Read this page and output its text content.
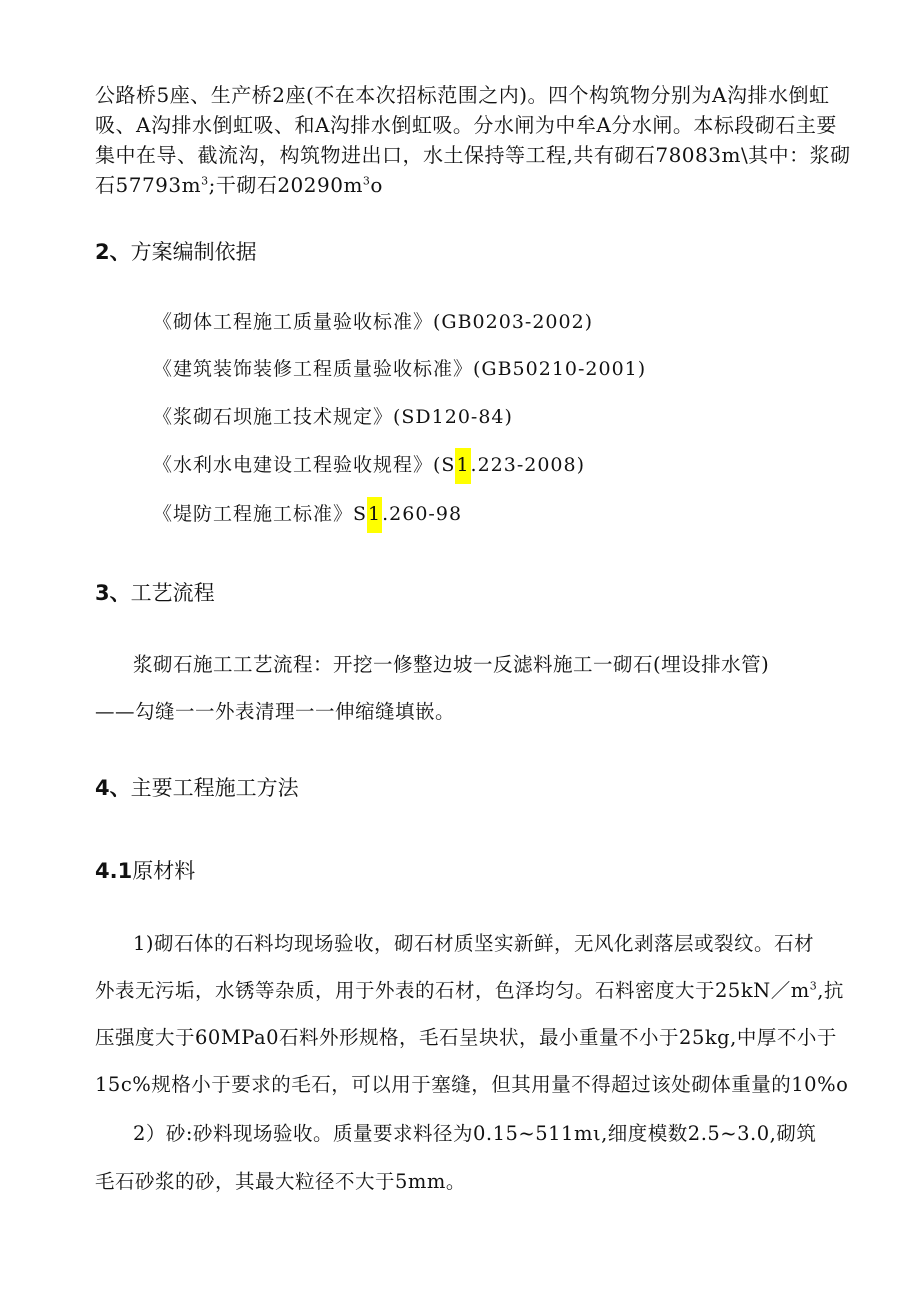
公路桥5座、生产桥2座(不在本次招标范围之内)。四个构筑物分别为A沟排水倒虹
吸、A沟排水倒虹吸、和A沟排水倒虹吸。分水闸为中牟A分水闸。本标段砌石主要
集中在导、截流沟，构筑物进出口，水土保持等工程,共有砌石78083m\其中：浆砌
石$57793m^3$;干砌石$20290m^3o$
2、方案编制依据
《砌体工程施工质量验收标准》(GB0203-2002)
《建筑装饰装修工程质量验收标准》(GB50210-2001)
《浆砌石坝施工技术规定》(SD120-84)
《水利水电建设工程验收规程》(S1.223-2008)
《堤防工程施工标准》S1.260-98
3、工艺流程
浆砌石施工工艺流程：开挖一修整边坡一反滤料施工一砌石(埋设排水管)
——勾缝一一外表清理一一伸缩缝填嵌。
4、主要工程施工方法
4.1原材料
1)砌石体的石料均现场验收，砌石材质坚实新鲜，无风化剥落层或裂纹。石材
外表无污垢，水锈等杂质，用于外表的石材，色泽均匀。石料密度大于$25kN/m^3$,抗
压强度大于60MPa0石料外形规格，毛石呈块状，最小重量不小于25kg,中厚不小于
15c%规格小于要求的毛石，可以用于塞缝，但其用量不得超过该处砌体重量的10%o
2）砂:砂料现场验收。质量要求料径为0.15~511mι,细度模数2.5~3.0,砌筑
毛石砂浆的砂，其最大粒径不大于5mm。
